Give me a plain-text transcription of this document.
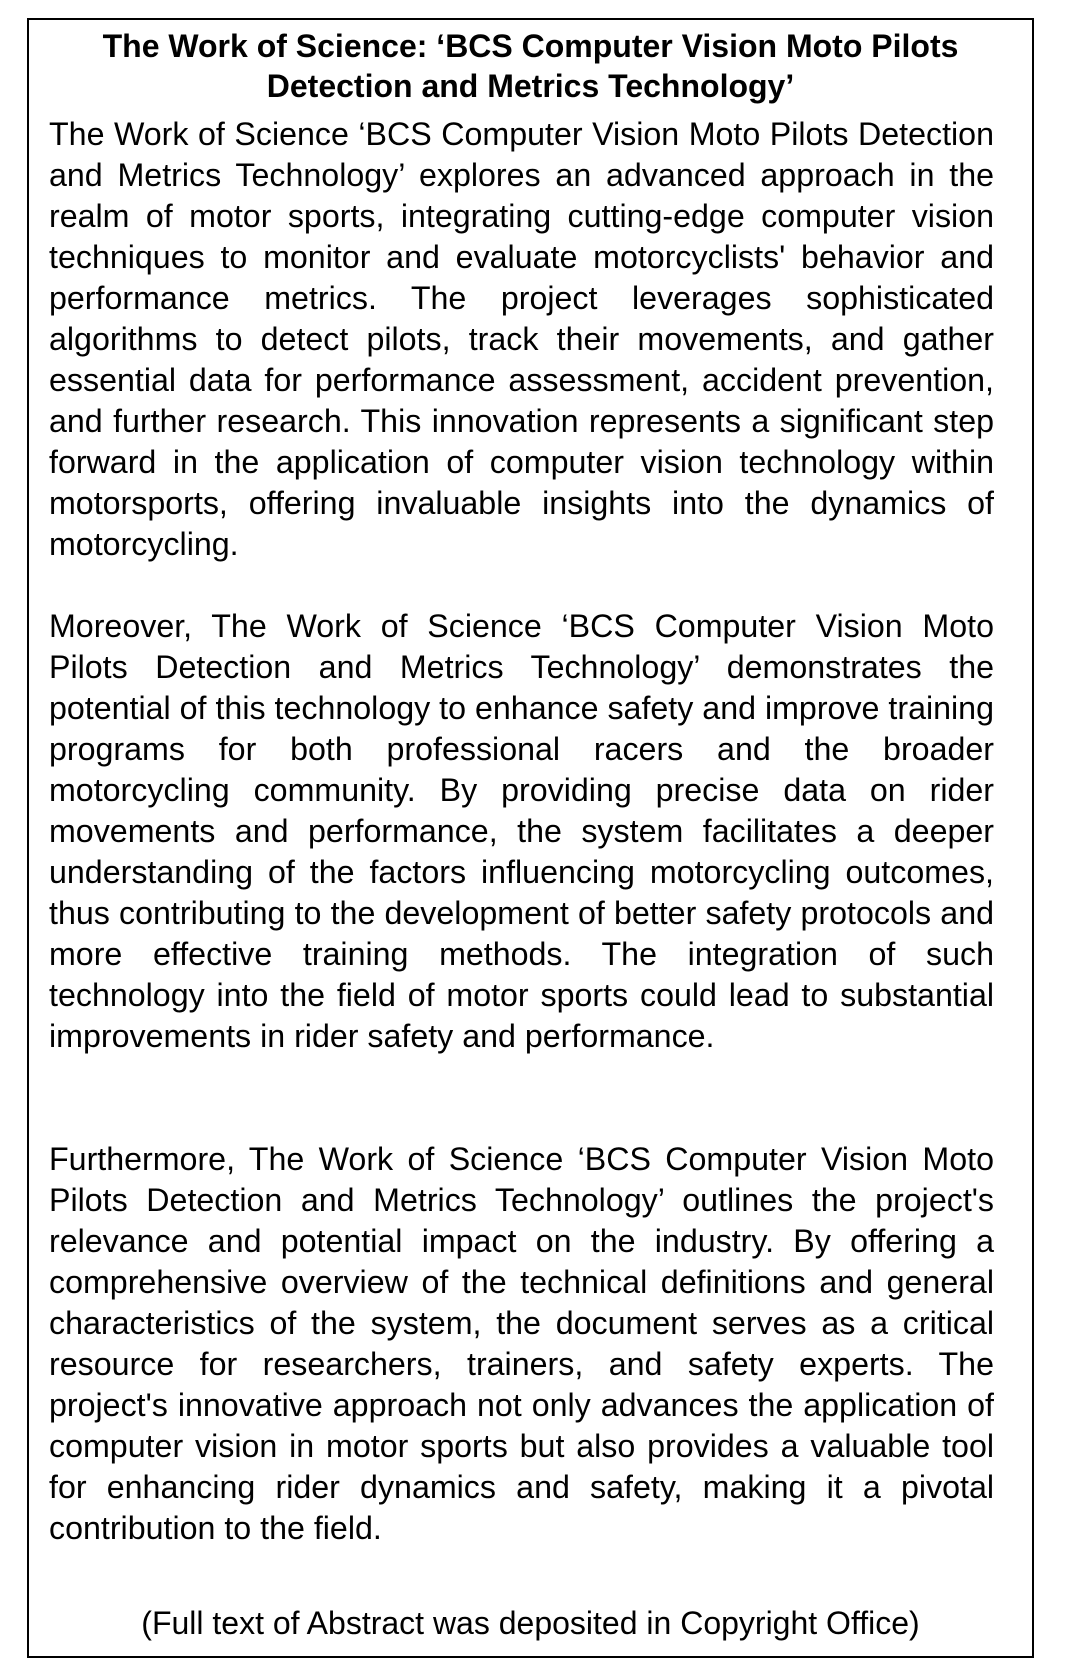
The Work of Science: ‘BCS Computer Vision Moto Pilots Detection and Metrics Technology’
The Work of Science ‘BCS Computer Vision Moto Pilots Detection and Metrics Technology’ explores an advanced approach in the realm of motor sports, integrating cutting-edge computer vision techniques to monitor and evaluate motorcyclists' behavior and performance metrics. The project leverages sophisticated algorithms to detect pilots, track their movements, and gather essential data for performance assessment, accident prevention, and further research. This innovation represents a significant step forward in the application of computer vision technology within motorsports, offering invaluable insights into the dynamics of motorcycling.
Moreover, The Work of Science ‘BCS Computer Vision Moto Pilots Detection and Metrics Technology’ demonstrates the potential of this technology to enhance safety and improve training programs for both professional racers and the broader motorcycling community. By providing precise data on rider movements and performance, the system facilitates a deeper understanding of the factors influencing motorcycling outcomes, thus contributing to the development of better safety protocols and more effective training methods. The integration of such technology into the field of motor sports could lead to substantial improvements in rider safety and performance.
Furthermore, The Work of Science ‘BCS Computer Vision Moto Pilots Detection and Metrics Technology’ outlines the project's relevance and potential impact on the industry. By offering a comprehensive overview of the technical definitions and general characteristics of the system, the document serves as a critical resource for researchers, trainers, and safety experts. The project's innovative approach not only advances the application of computer vision in motor sports but also provides a valuable tool for enhancing rider dynamics and safety, making it a pivotal contribution to the field.
(Full text of Abstract was deposited in Copyright Office)
